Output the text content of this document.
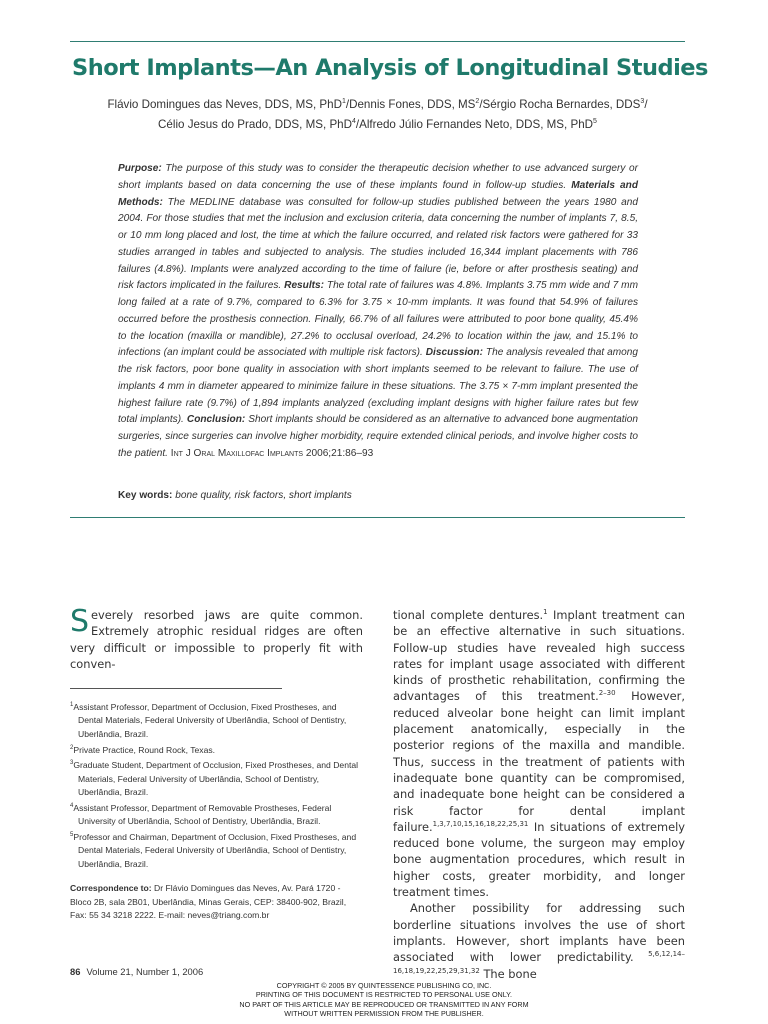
Short Implants—An Analysis of Longitudinal Studies
Flávio Domingues das Neves, DDS, MS, PhD$^1$/Dennis Fones, DDS, $MS^2$/Sérgio Rocha Bernardes, DDS$^3$/
Célio Jesus do Prado, DDS, MS, PhD$^4$/Alfredo Júlio Fernandes Neto, DDS, MS, PhD$^5$
Purpose: The purpose of this study was to consider the therapeutic decision whether to use advanced surgery or short implants based on data concerning the use of these implants found in follow-up studies. Materials and Methods: The MEDLINE database was consulted for follow-up studies published between the years 1980 and 2004. For those studies that met the inclusion and exclusion criteria, data concerning the number of implants 7, 8.5, or 10 mm long placed and lost, the time at which the failure occurred, and related risk factors were gathered for 33 studies arranged in tables and subjected to analysis. The studies included 16,344 implant placements with 786 failures (4.8%). Implants were analyzed according to the time of failure (ie, before or after prosthesis seating) and risk factors implicated in the failures. Results: The total rate of failures was 4.8%. Implants 3.75 mm wide and 7 mm long failed at a rate of 9.7%, compared to 6.3% for 3.75 × 10-mm implants. It was found that 54.9% of failures occurred before the prosthesis connection. Finally, 66.7% of all failures were attributed to poor bone quality, 45.4% to the location (maxilla or mandible), 27.2% to occlusal overload, 24.2% to location within the jaw, and 15.1% to infections (an implant could be associated with multiple risk factors). Discussion: The analysis revealed that among the risk factors, poor bone quality in association with short implants seemed to be relevant to failure. The use of implants 4 mm in diameter appeared to minimize failure in these situations. The 3.75 × 7-mm implant presented the highest failure rate (9.7%) of 1,894 implants analyzed (excluding implant designs with higher failure rates but few total implants). Conclusion: Short implants should be considered as an alternative to advanced bone augmentation surgeries, since surgeries can involve higher morbidity, require extended clinical periods, and involve higher costs to the patient. Int J Oral Maxillofac Implants 2006;21:86–93
Key words: bone quality, risk factors, short implants
Severely resorbed jaws are quite common. Extremely atrophic residual ridges are often very difficult or impossible to properly fit with conven-

$^1$Assistant Professor, Department of Occlusion, Fixed Prostheses, and Dental Materials, Federal University of Uberlândia, School of Dentistry, Uberlândia, Brazil.

$^2$Private Practice, Round Rock, Texas.

$^3$Graduate Student, Department of Occlusion, Fixed Prostheses, and Dental Materials, Federal University of Uberlândia, School of Dentistry, Uberlândia, Brazil.

$^4$Assistant Professor, Department of Removable Prostheses, Federal University of Uberlândia, School of Dentistry, Uberlândia, Brazil.

$^5$Professor and Chairman, Department of Occlusion, Fixed Prostheses, and Dental Materials, Federal University of Uberlândia, School of Dentistry, Uberlândia, Brazil.

Correspondence to: Dr Flávio Domingues das Neves, Av. Pará 1720 - Bloco 2B, sala 2B01, Uberlândia, Minas Gerais, CEP: 38400-902, Brazil, Fax: 55 34 3218 2222. E-mail: neves@triang.com.br

tional complete dentures.$^1$ Implant treatment can be an effective alternative in such situations. Follow-up studies have revealed high success rates for implant usage associated with different kinds of prosthetic rehabilitation, confirming the advantages of this treatment.$^{2-30}$ However, reduced alveolar bone height can limit implant placement anatomically, especially in the posterior regions of the maxilla and mandible. Thus, success in the treatment of patients with inadequate bone quantity can be compromised, and inadequate bone height can be considered a risk factor for dental implant failure.$^{1,3,7,10,15,16,18,22,25,31}$ In situations of extremely reduced bone volume, the surgeon may employ bone augmentation procedures, which result in higher costs, greater morbidity, and longer treatment times.

Another possibility for addressing such borderline situations involves the use of short implants. However, short implants have been associated with lower predictability. $^{5,6,12,14-16,18,19,22,25,29,31,32}$ The bone

86 Volume 21, Number 1, 2006
COPYRIGHT © 2005 BY QUINTESSENCE PUBLISHING CO, INC.
PRINTING OF THIS DOCUMENT IS RESTRICTED TO PERSONAL USE ONLY.
NO PART OF THIS ARTICLE MAY BE REPRODUCED OR TRANSMITTED IN ANY FORM
WITHOUT WRITTEN PERMISSION FROM THE PUBLISHER.
